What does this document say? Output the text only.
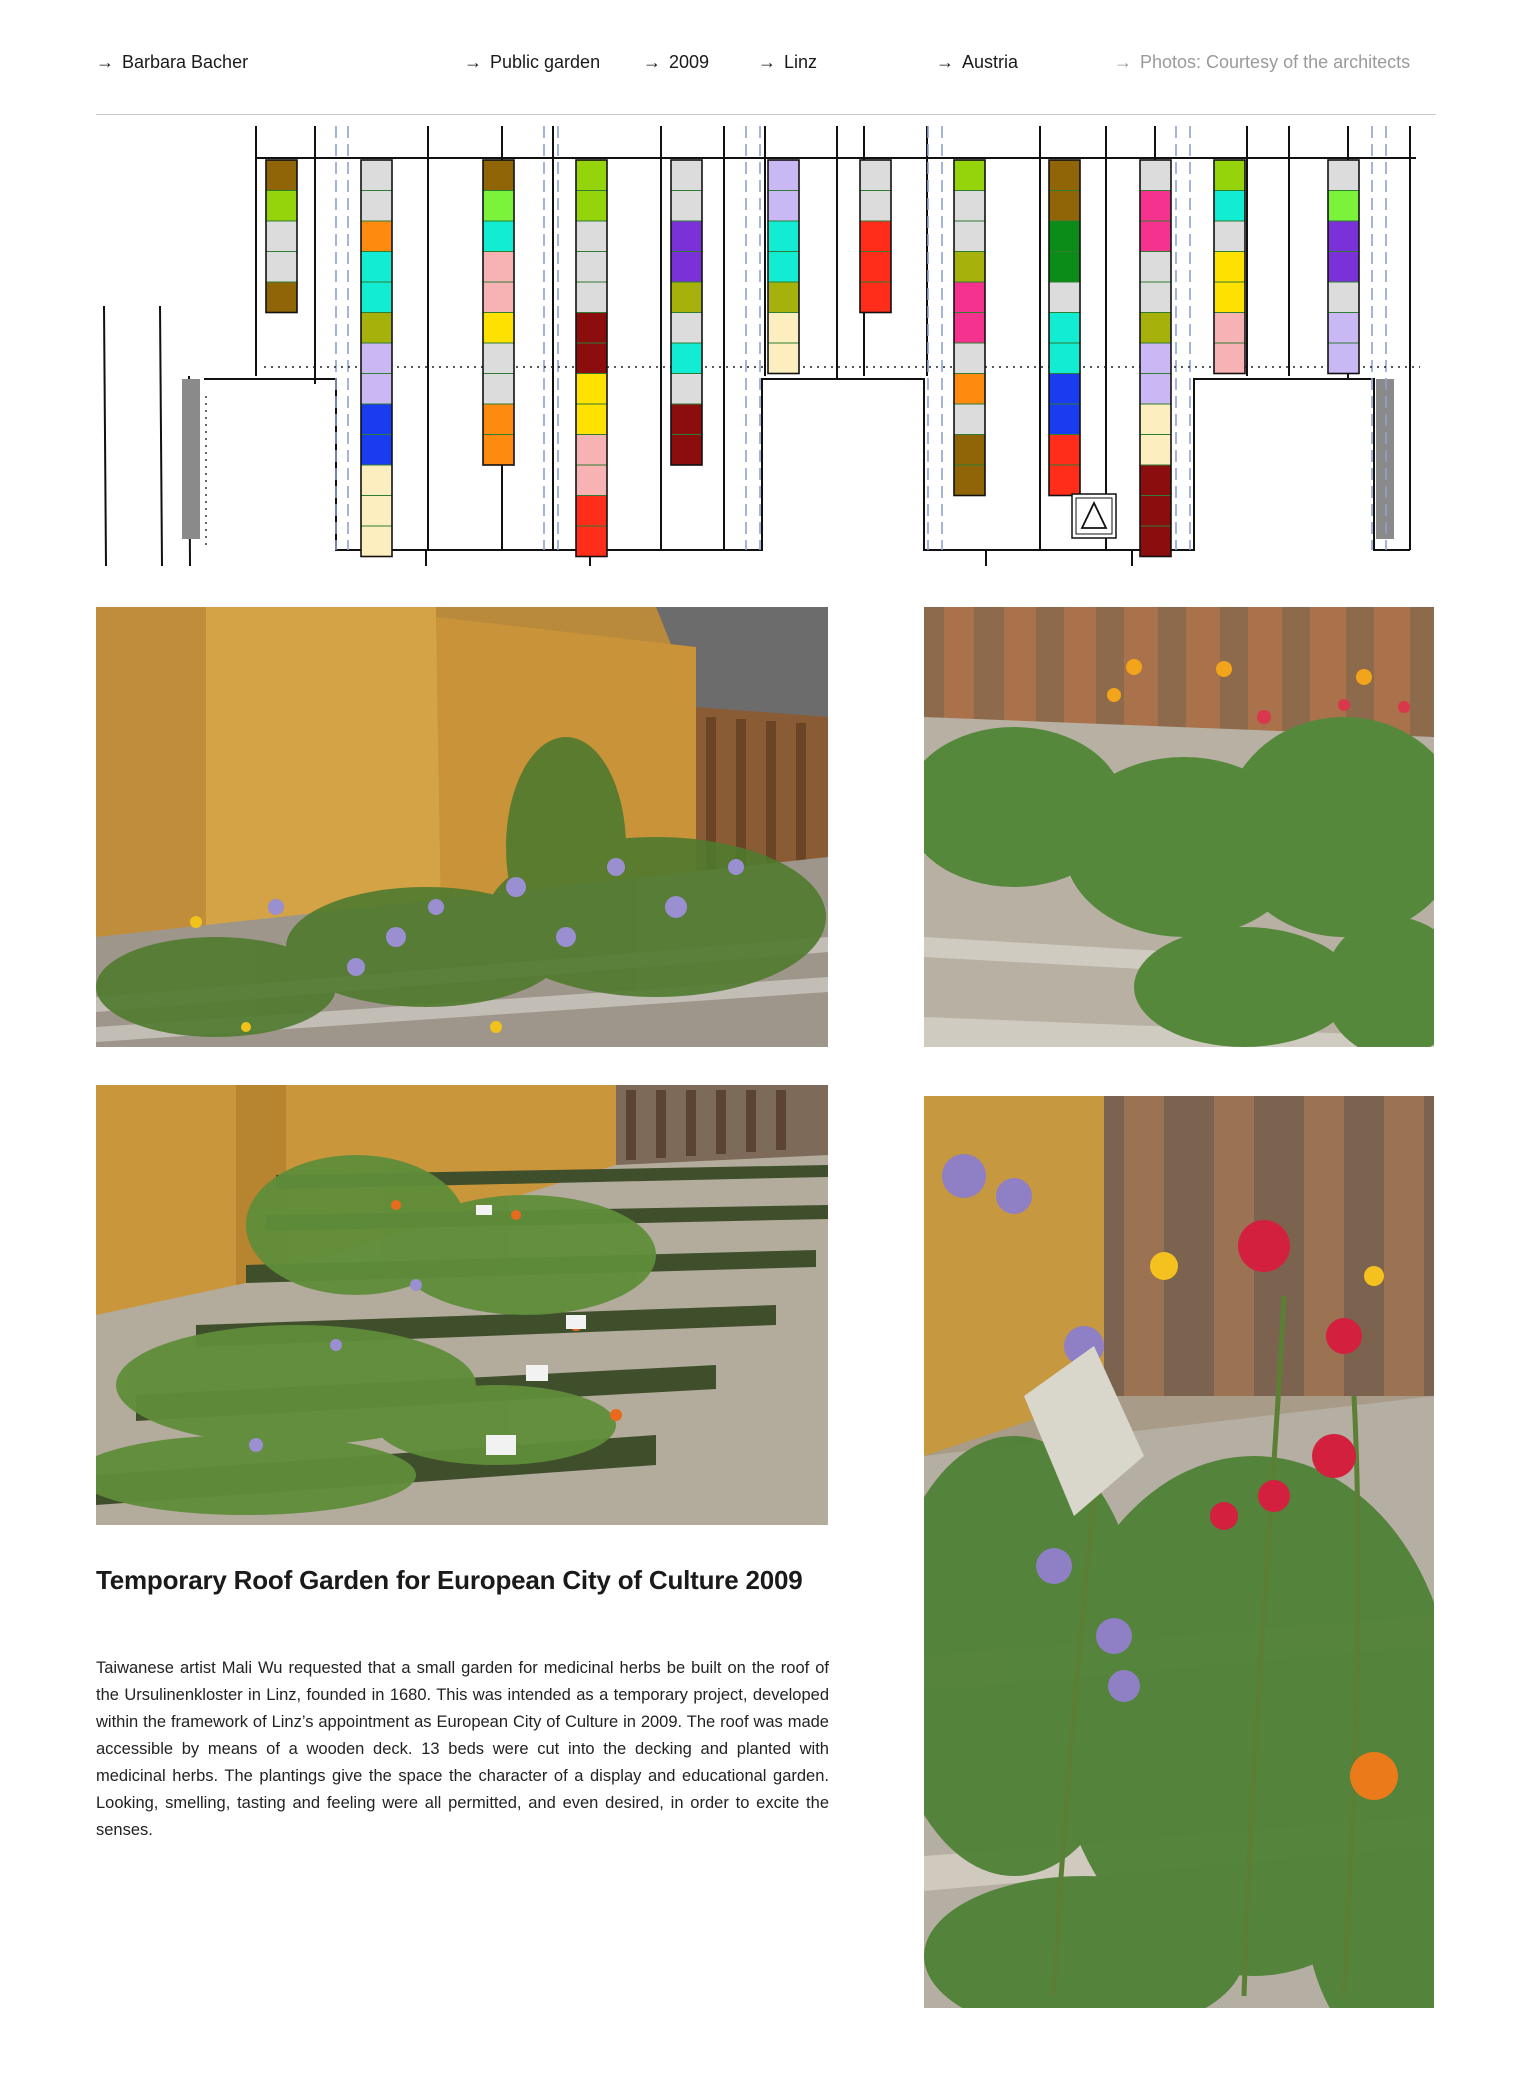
→ Barbara Bacher	→ Public garden → 2009	→ Linz	→ Austria	→ Photos: Courtesy of the architects
Temporary Roof Garden for European City of Culture 2009
Taiwanese artist Mali Wu requested that a small garden for medicinal herbs be built on the roof of the Ursulinenkloster in Linz, founded in 1680. This was intended as a temporary project, developed within the framework of Linz’s appointment as European City of Culture in 2009. The roof was made accessible by means of a wooden deck. 13 beds were cut into the decking and planted with medicinal herbs. The plantings give the space the character of a display and educational garden. Looking, smelling, tasting and feeling were all permitted, and even desired, in order to excite the senses.
